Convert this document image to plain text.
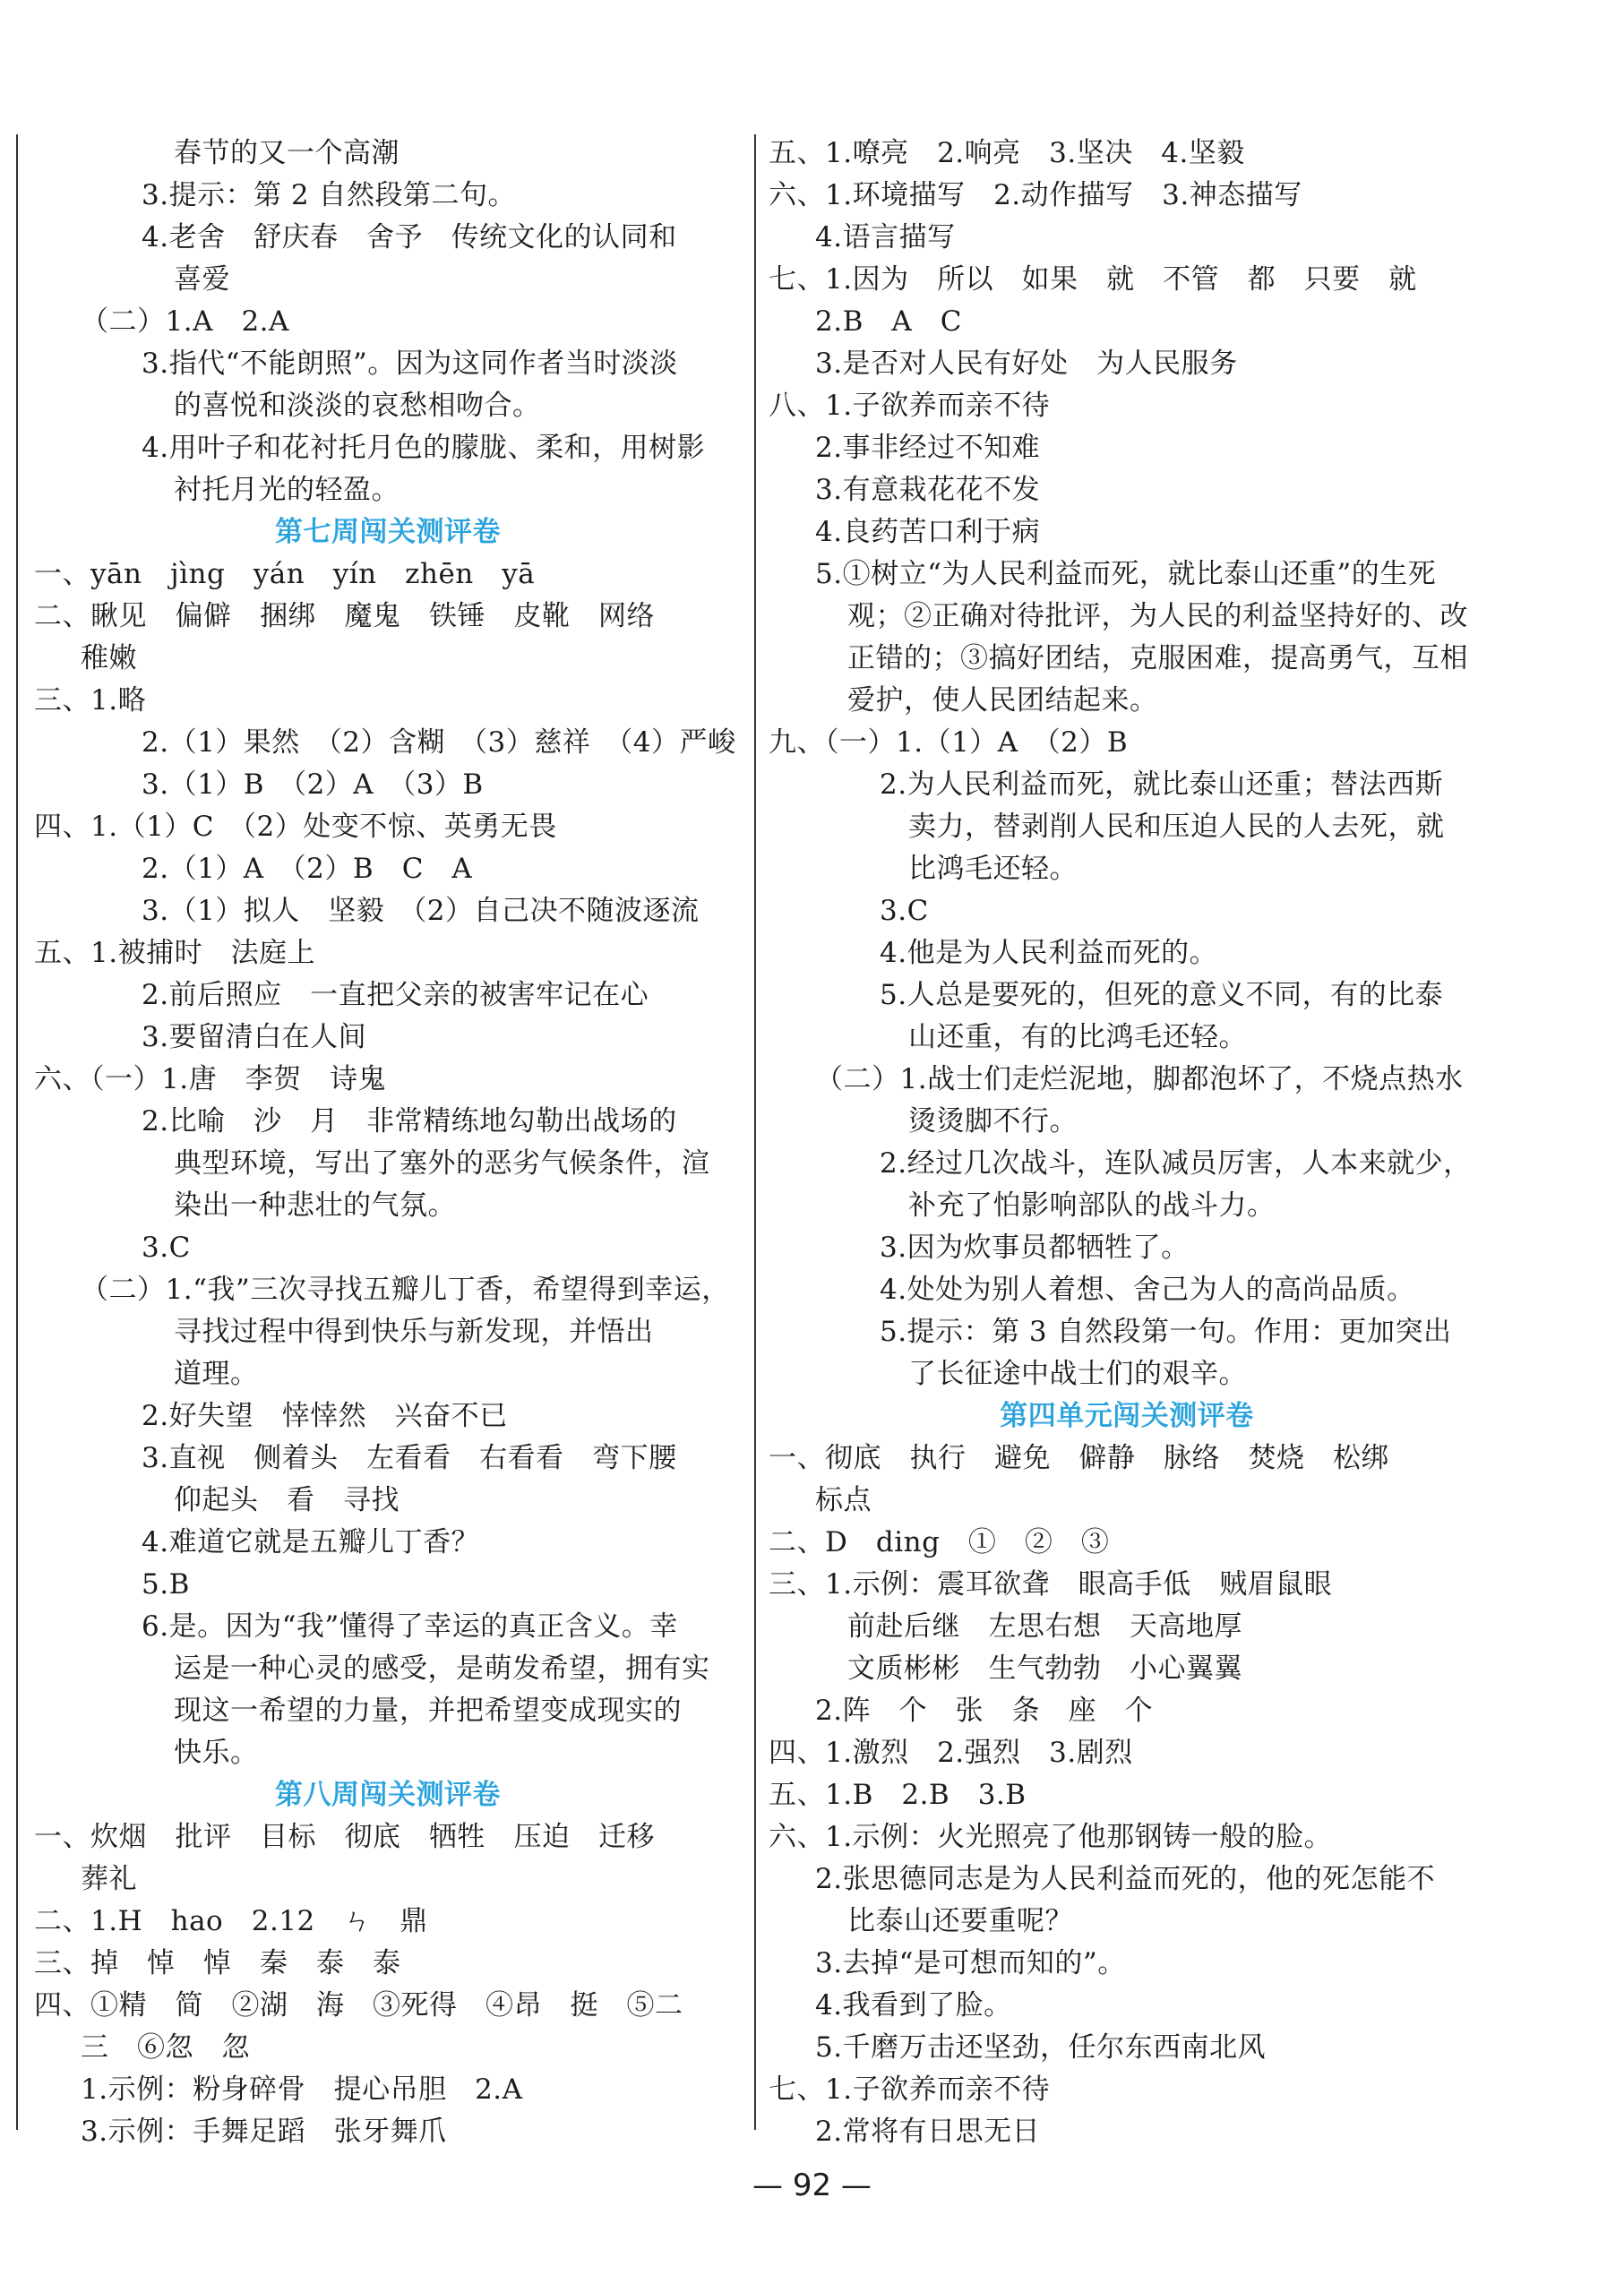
春节的又一个高潮
3.提示：第 2 自然段第二句。
4.老舍　舒庆春　舍予　传统文化的认同和
喜爱
（二）1.A　2.A
3.指代“不能朗照”。因为这同作者当时淡淡
的喜悦和淡淡的哀愁相吻合。
4.用叶子和花衬托月色的朦胧、柔和，用树影
衬托月光的轻盈。
第七周闯关测评卷
一、yān　jìng　yán　yín　zhēn　yā
二、瞅见　偏僻　捆绑　魔鬼　铁锤　皮靴　网络
稚嫩
三、1.略
2.（1）果然　（2）含糊　（3）慈祥　（4）严峻
3.（1）B　（2）A　（3）B
四、1.（1）C　（2）处变不惊、英勇无畏
2.（1）A　（2）B　C　A
3.（1）拟人　坚毅　（2）自己决不随波逐流
五、1.被捕时　法庭上
2.前后照应　一直把父亲的被害牢记在心
3.要留清白在人间
六、（一）1.唐　李贺　诗鬼
2.比喻　沙　月　非常精练地勾勒出战场的
典型环境，写出了塞外的恶劣气候条件，渲
染出一种悲壮的气氛。
3.C
（二）1.“我”三次寻找五瓣儿丁香，希望得到幸运，
寻找过程中得到快乐与新发现，并悟出
道理。
2.好失望　悻悻然　兴奋不已
3.直视　侧着头　左看看　右看看　弯下腰
仰起头　看　寻找
4.难道它就是五瓣儿丁香？
5.B
6.是。因为“我”懂得了幸运的真正含义。幸
运是一种心灵的感受，是萌发希望，拥有实
现这一希望的力量，并把希望变成现实的
快乐。
第八周闯关测评卷
一、炊烟　批评　目标　彻底　牺牲　压迫　迁移
葬礼
二、1.H　hao　2.12　ㄣ　鼎
三、掉　悼　悼　秦　泰　泰
四、①精　简　②湖　海　③死得　④昂　挺　⑤二
三　⑥忽　忽
1.示例：粉身碎骨　提心吊胆　2.A
3.示例：手舞足蹈　张牙舞爪
五、1.嘹亮　2.响亮　3.坚决　4.坚毅
六、1.环境描写　2.动作描写　3.神态描写
4.语言描写
七、1.因为　所以　如果　就　不管　都　只要　就
2.B　A　C
3.是否对人民有好处　为人民服务
八、1.子欲养而亲不待
2.事非经过不知难
3.有意栽花花不发
4.良药苦口利于病
5.①树立“为人民利益而死，就比泰山还重”的生死
观；②正确对待批评，为人民的利益坚持好的、改
正错的；③搞好团结，克服困难，提高勇气，互相
爱护，使人民团结起来。
九、（一）1.（1）A　（2）B
2.为人民利益而死，就比泰山还重；替法西斯
卖力，替剥削人民和压迫人民的人去死，就
比鸿毛还轻。
3.C
4.他是为人民利益而死的。
5.人总是要死的，但死的意义不同，有的比泰
山还重，有的比鸿毛还轻。
（二）1.战士们走烂泥地，脚都泡坏了，不烧点热水
烫烫脚不行。
2.经过几次战斗，连队减员厉害，人本来就少，
补充了怕影响部队的战斗力。
3.因为炊事员都牺牲了。
4.处处为别人着想、舍己为人的高尚品质。
5.提示：第 3 自然段第一句。作用：更加突出
了长征途中战士们的艰辛。
第四单元闯关测评卷
一、彻底　执行　避免　僻静　脉络　焚烧　松绑
标点
二、D　ding　①　②　③
三、1.示例：震耳欲聋　眼高手低　贼眉鼠眼
前赴后继　左思右想　天高地厚
文质彬彬　生气勃勃　小心翼翼
2.阵　个　张　条　座　个
四、1.激烈　2.强烈　3.剧烈
五、1.B　2.B　3.B
六、1.示例：火光照亮了他那钢铸一般的脸。
2.张思德同志是为人民利益而死的，他的死怎能不
比泰山还要重呢？
3.去掉“是可想而知的”。
4.我看到了脸。
5.千磨万击还坚劲，任尔东西南北风
七、1.子欲养而亲不待
2.常将有日思无日
— 92 —
